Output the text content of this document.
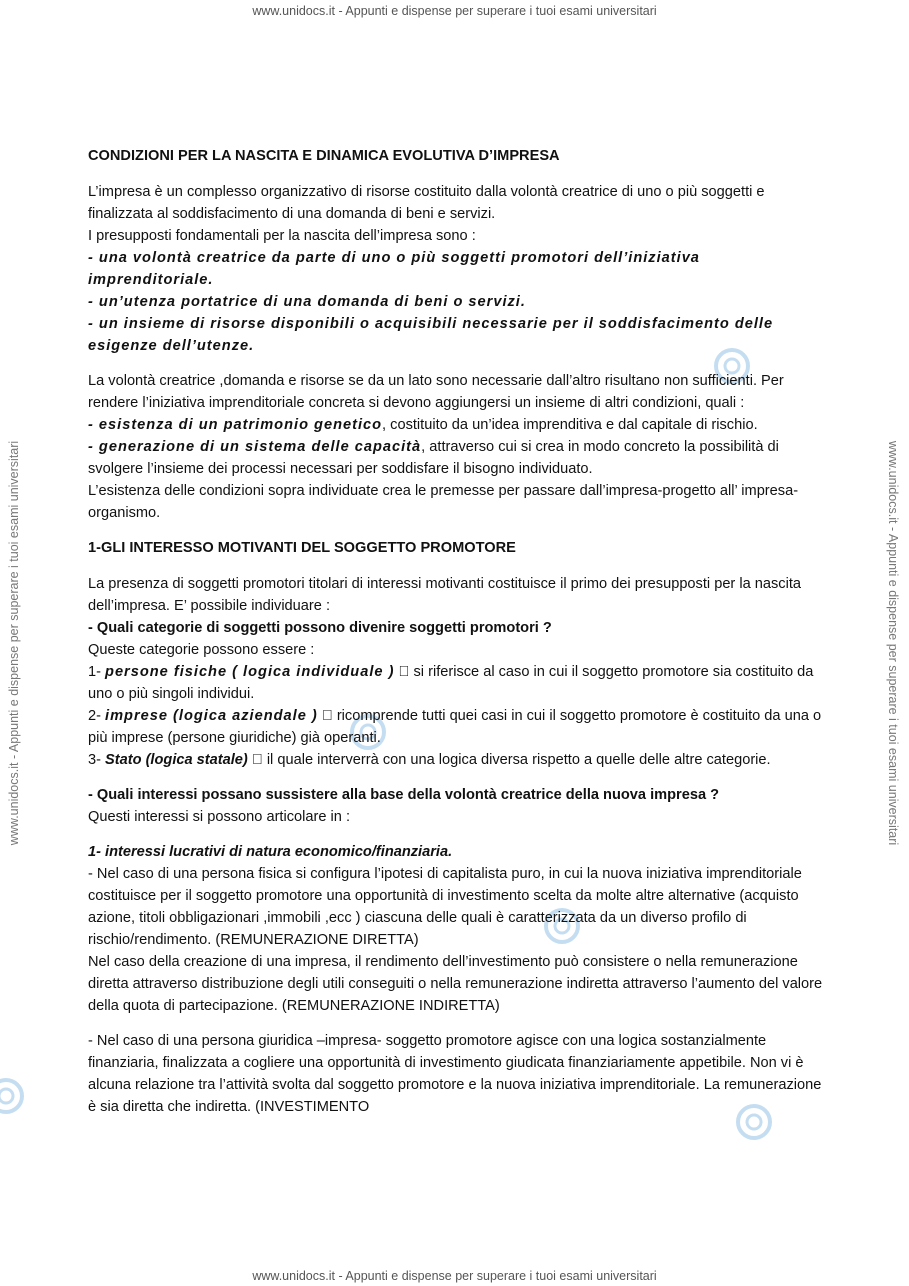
www.unidocs.it - Appunti e dispense per superare i tuoi esami universitari
www.unidocs.it - Appunti e dispense per superare i tuoi esami universitari
www.unidocs.it - Appunti e dispense per superare i tuoi esami universitari	www.unidocs.it - Appunti e dispense per superare i tuoi esami universitari

CONDIZIONI PER LA NASCITA E DINAMICA EVOLUTIVA D’IMPRESA

L’impresa è un complesso organizzativo di risorse costituito dalla volontà creatrice di uno o più soggetti e finalizzata al soddisfacimento di una domanda di beni e servizi.

I presupposti fondamentali per la nascita dell’impresa sono :

- una volontà creatrice da parte di uno o più soggetti promotori dell’iniziativa imprenditoriale.

- un’utenza portatrice di una domanda di beni o servizi.

- un insieme di risorse disponibili o acquisibili necessarie per il soddisfacimento delle esigenze dell’utenze.

La volontà creatrice ,domanda e risorse se da un lato sono necessarie dall’altro risultano non sufficienti. Per rendere l’iniziativa imprenditoriale concreta si devono aggiungersi un insieme di altri condizioni, quali :

- esistenza di un patrimonio genetico, costituito da un’idea imprenditiva e dal capitale di rischio.

- generazione di un sistema delle capacità, attraverso cui si crea in modo concreto la possibilità di svolgere l’insieme dei processi necessari per soddisfare il bisogno individuato.

L’esistenza delle condizioni sopra individuate crea le premesse per passare dall’impresa-progetto all’ impresa-organismo.

1-GLI INTERESSO MOTIVANTI DEL SOGGETTO PROMOTORE

La presenza di soggetti promotori titolari di interessi motivanti costituisce il primo dei presupposti per la nascita dell’impresa. E’ possibile individuare :

- Quali categorie di soggetti possono divenire soggetti promotori ?

Queste categorie possono essere :

1- persone fisiche ( logica individuale ) si riferisce al caso in cui il soggetto promotore sia costituito da uno o più singoli individui.

2- imprese (logica aziendale ) ricomprende tutti quei casi in cui il soggetto promotore è costituito da una o più imprese (persone giuridiche) già operanti.

3- Stato (logica statale) il quale interverrà con una logica diversa rispetto a quelle delle altre categorie.

- Quali interessi possano sussistere alla base della volontà creatrice della nuova impresa ?

Questi interessi si possono articolare in :

1- interessi lucrativi di natura economico/finanziaria.

- Nel caso di una persona fisica si configura l’ipotesi di capitalista puro, in cui la nuova iniziativa imprenditoriale costituisce per il soggetto promotore una opportunità di investimento scelta da molte altre alternative (acquisto azione, titoli obbligazionari ,immobili ,ecc ) ciascuna delle quali è caratterizzata da un diverso profilo di rischio/rendimento. (REMUNERAZIONE DIRETTA)

Nel caso della creazione di una impresa, il rendimento dell’investimento può consistere o nella remunerazione diretta attraverso distribuzione degli utili conseguiti o nella remunerazione indiretta attraverso l’aumento del valore della quota di partecipazione. (REMUNERAZIONE INDIRETTA)

- Nel caso di una persona giuridica –impresa- soggetto promotore agisce con una logica sostanzialmente finanziaria, finalizzata a cogliere una opportunità di investimento giudicata finanziariamente appetibile. Non vi è alcuna relazione tra l’attività svolta dal soggetto promotore e la nuova iniziativa imprenditoriale. La remunerazione è sia diretta che indiretta. (INVESTIMENTO
